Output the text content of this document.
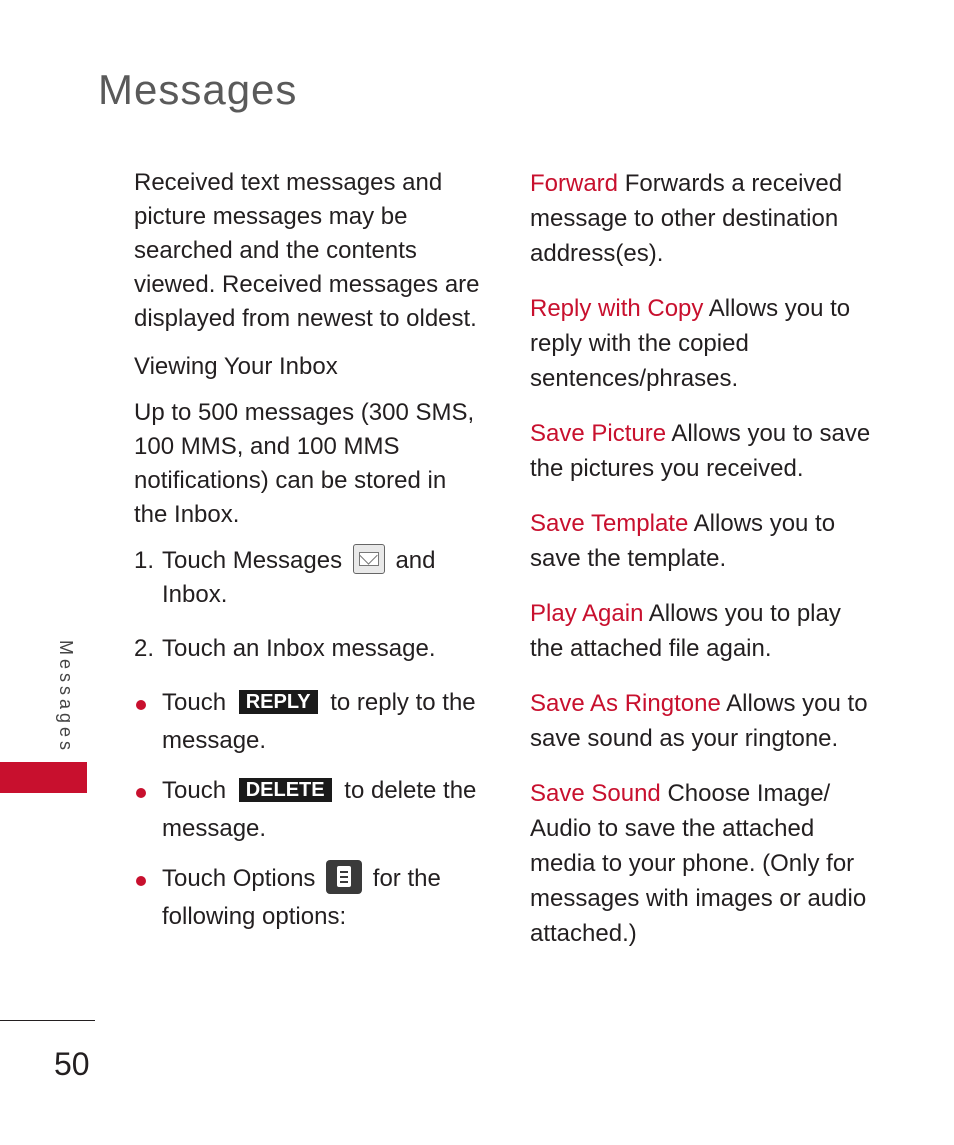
Messages

Received text messages and picture messages may be searched and the contents viewed. Received messages are displayed from newest to oldest.

Viewing Your Inbox

Up to 500 messages (300 SMS, 100 MMS, and 100 MMS notifications) can be stored in the Inbox.

1. Touch Messages
and Inbox.
2. Touch an Inbox message.
Touch REPLY to reply to the message.
Touch DELETE to delete the message.
Touch Options
for the following options:

Forward Forwards a received message to other destination address(es).

Reply with Copy Allows you to reply with the copied sentences/phrases.

Save Picture Allows you to save the pictures you received.

Save Template Allows you to save the template.

Play Again Allows you to play the attached file again.

Save As Ringtone Allows you to save sound as your ringtone.

Save Sound Choose Image/ Audio to save the attached media to your phone. (Only for messages with images or audio attached.)

Messages
50
